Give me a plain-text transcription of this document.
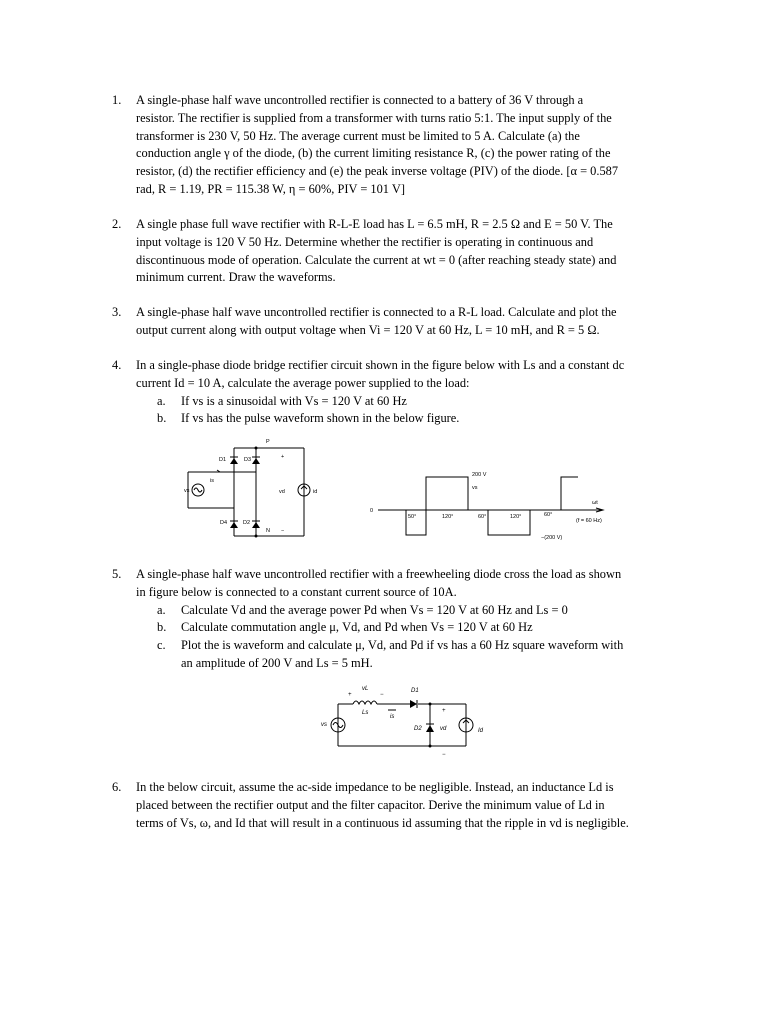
1. A single-phase half wave uncontrolled rectifier is connected to a battery of 36 V through a
resistor. The rectifier is supplied from a transformer with turns ratio 5:1. The input supply of the
transformer is 230 V, 50 Hz. The average current must be limited to 5 A. Calculate (a) the
conduction angle γ of the diode, (b) the current limiting resistance R, (c) the power rating of the
resistor, (d) the rectifier efficiency and (e) the peak inverse voltage (PIV) of the diode. [α = 0.587
rad, R = 1.19, PR = 115.38 W, η = 60%, PIV = 101 V]
2. A single phase full wave rectifier with R-L-E load has L = 6.5 mH, R = 2.5 Ω and E = 50 V. The
input voltage is 120 V 50 Hz. Determine whether the rectifier is operating in continuous and
discontinuous mode of operation. Calculate the current at wt = 0 (after reaching steady state) and
minimum current. Draw the waveforms.
3. A single-phase half wave uncontrolled rectifier is connected to a R-L load. Calculate and plot the
output current along with output voltage when Vi = 120 V at 60 Hz, L = 10 mH, and R = 5 Ω.
4. In a single-phase diode bridge rectifier circuit shown in the figure below with Ls and a constant dc
current Id = 10 A, calculate the average power supplied to the load:
a. If vs is a sinusoidal with Vs = 120 V at 60 Hz
b. If vs has the pulse waveform shown in the below figure.
P
+
D1	D3
vs
is
vd	id
D4	D2
N −
200 V
vs
0
ωt
50°	120°	60°	120°	60°
(f = 60 Hz)
−(200 V)
5. A single-phase half wave uncontrolled rectifier with a freewheeling diode cross the load as shown
in figure below is connected to a constant current source of 10A.
a. Calculate Vd and the average power Pd when Vs = 120 V at 60 Hz and Ls = 0
b. Calculate commutation angle μ, Vd, and Pd when Vs = 120 V at 60 Hz
c. Plot the is waveform and calculate μ, Vd, and Pd if vs has a 60 Hz square waveform with
an amplitude of 200 V and Ls = 5 mH.
vL
+	−
D1
Ls
is
+
vs
D2	vd	Id
−
6. In the below circuit, assume the ac-side impedance to be negligible. Instead, an inductance Ld is
placed between the rectifier output and the filter capacitor. Derive the minimum value of Ld in
terms of Vs, ω, and Id that will result in a continuous id assuming that the ripple in vd is negligible.
